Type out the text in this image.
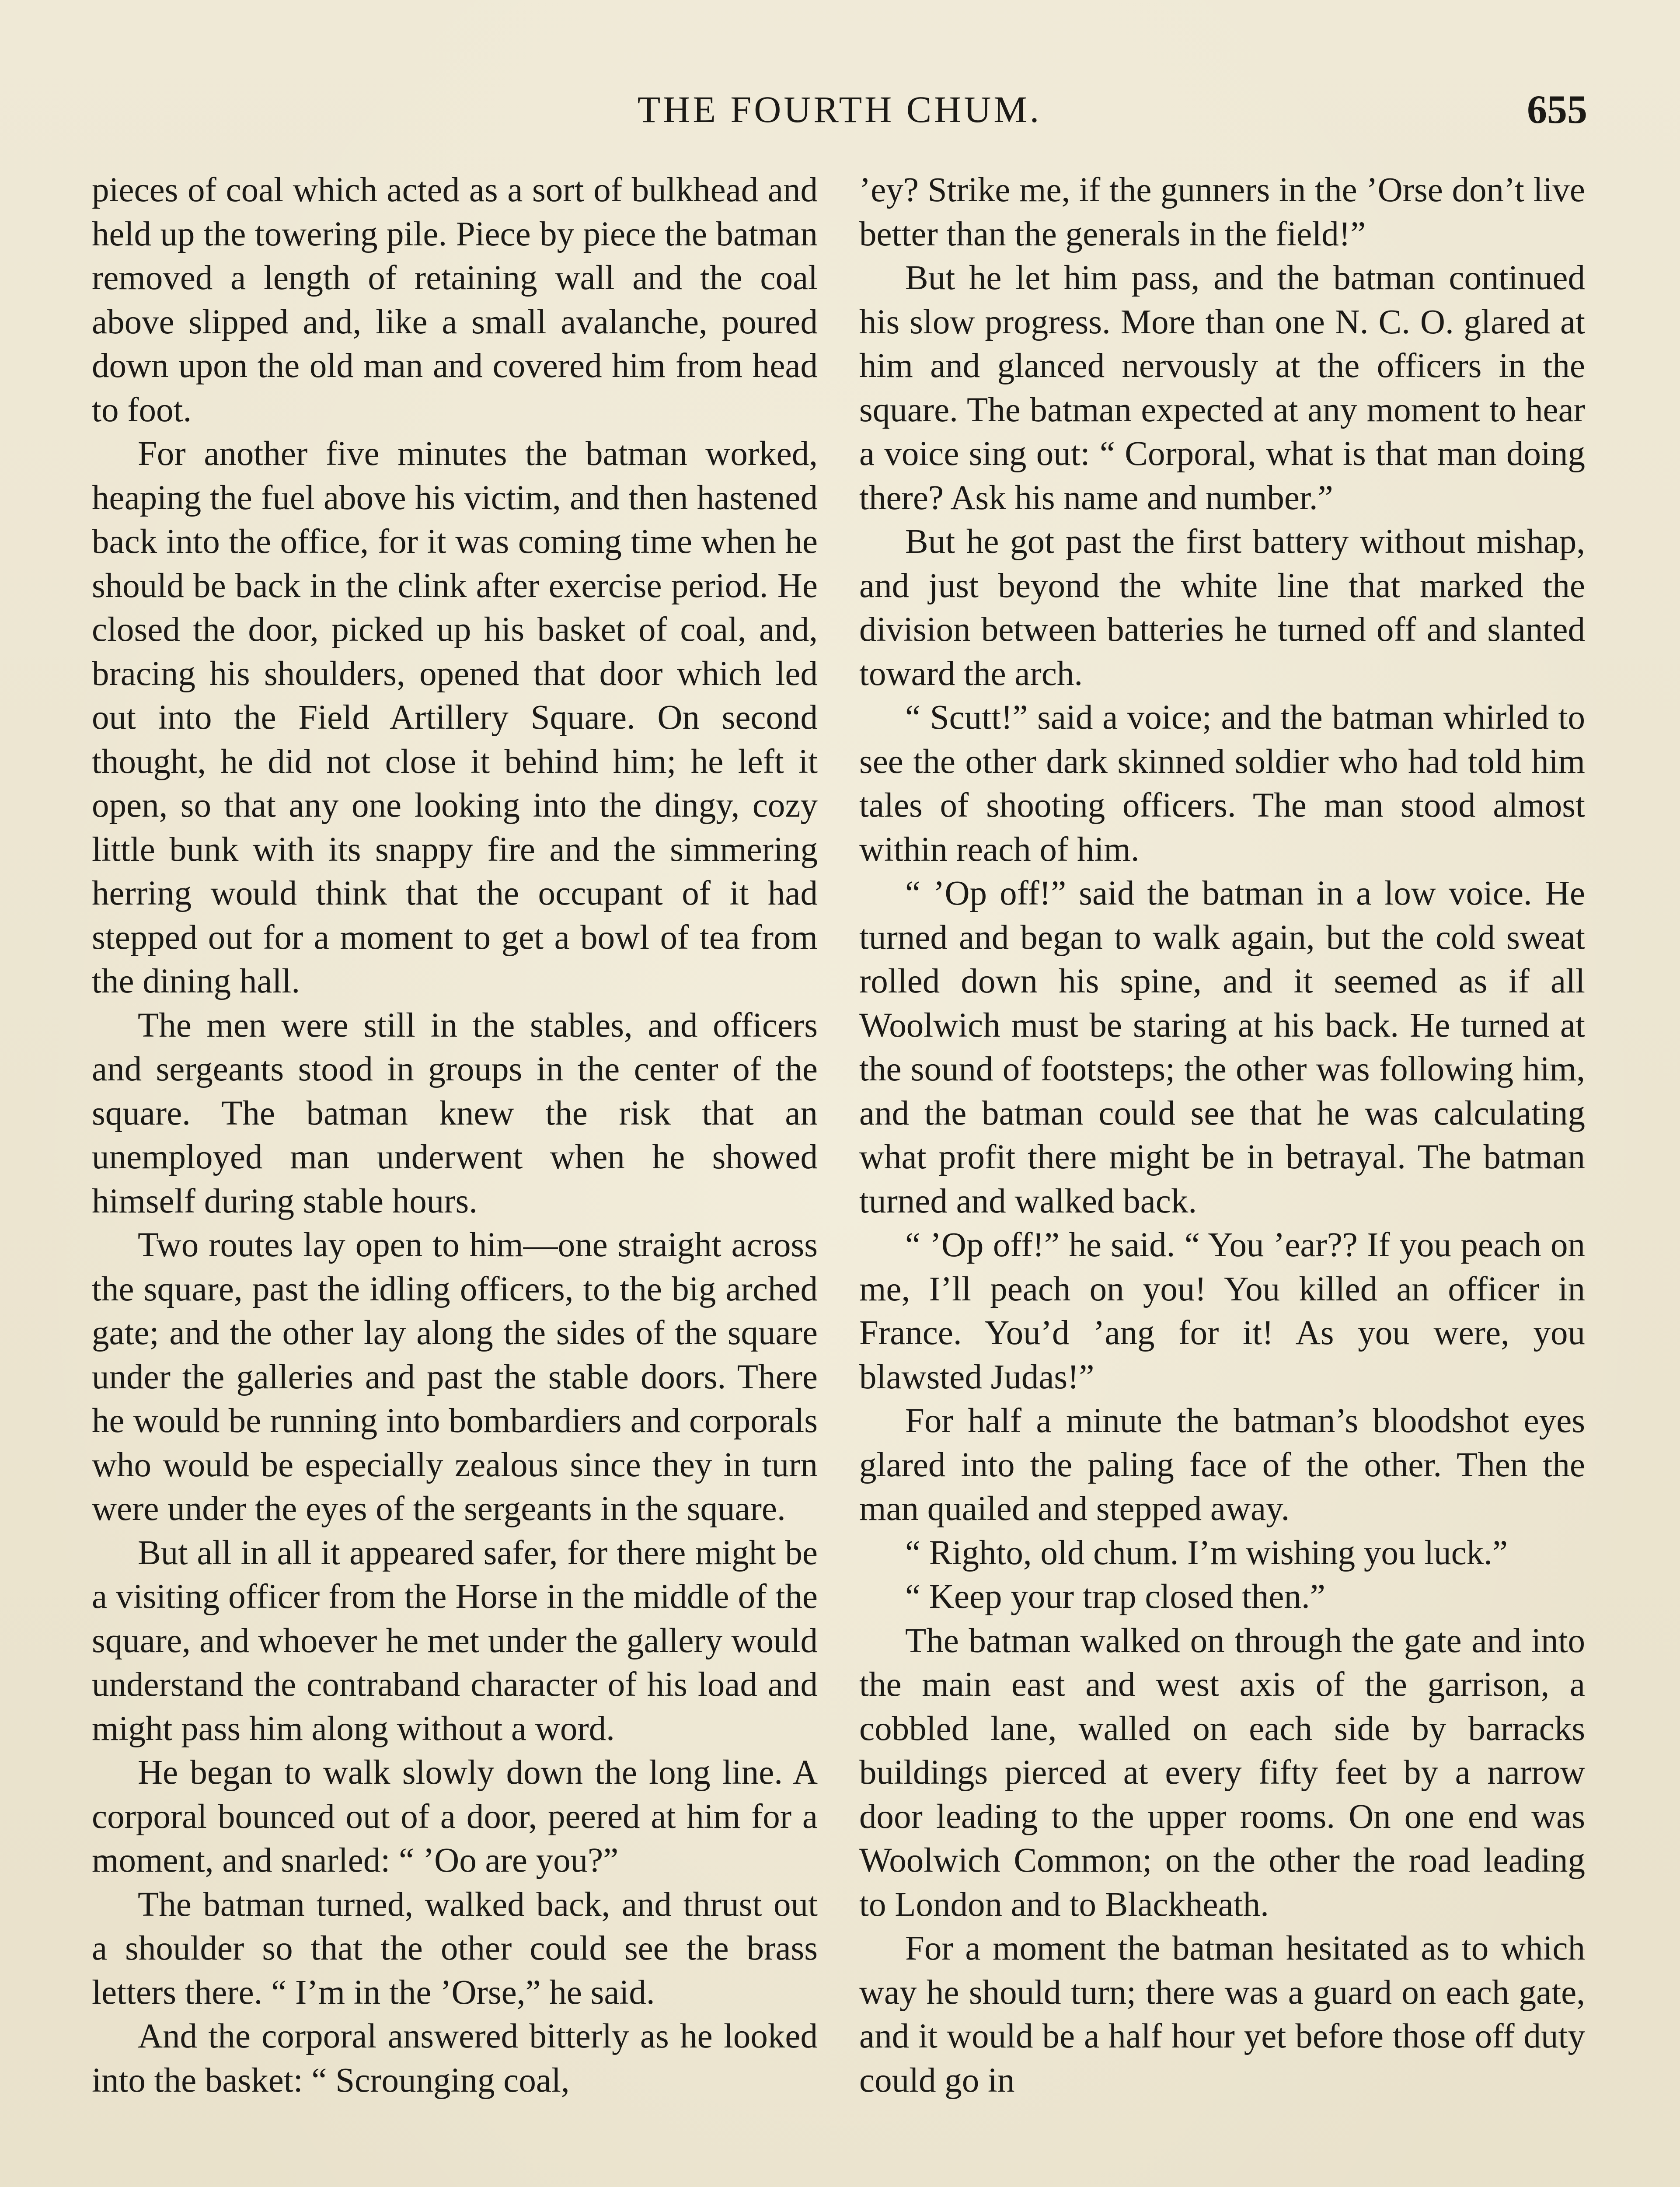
THE FOURTH CHUM.	655

pieces of coal which acted as a sort of bulkhead and held up the towering pile. Piece by piece the batman removed a length of retaining wall and the coal above slipped and, like a small avalanche, poured down upon the old man and covered him from head to foot.

For another five minutes the batman worked, heaping the fuel above his victim, and then hastened back into the office, for it was coming time when he should be back in the clink after exercise period. He closed the door, picked up his basket of coal, and, bracing his shoulders, opened that door which led out into the Field Artillery Square. On second thought, he did not close it behind him; he left it open, so that any one looking into the dingy, cozy little bunk with its snappy fire and the simmering herring would think that the occupant of it had stepped out for a moment to get a bowl of tea from the dining hall.

The men were still in the stables, and officers and sergeants stood in groups in the center of the square. The batman knew the risk that an unemployed man underwent when he showed himself during stable hours.

Two routes lay open to him—one straight across the square, past the idling officers, to the big arched gate; and the other lay along the sides of the square under the galleries and past the stable doors. There he would be running into bombardiers and corporals who would be especially zealous since they in turn were under the eyes of the sergeants in the square.

But all in all it appeared safer, for there might be a visiting officer from the Horse in the middle of the square, and whoever he met under the gallery would understand the contraband character of his load and might pass him along without a word.

He began to walk slowly down the long line. A corporal bounced out of a door, peered at him for a moment, and snarled: “ ’Oo are you?”

The batman turned, walked back, and thrust out a shoulder so that the other could see the brass letters there. “ I’m in the ’Orse,” he said.

And the corporal answered bitterly as he looked into the basket: “ Scrounging coal,

’ey? Strike me, if the gunners in the ’Orse don’t live better than the generals in the field!”

But he let him pass, and the batman continued his slow progress. More than one N. C. O. glared at him and glanced nervously at the officers in the square. The batman expected at any moment to hear a voice sing out: “ Corporal, what is that man doing there? Ask his name and number.”

But he got past the first battery without mishap, and just beyond the white line that marked the division between batteries he turned off and slanted toward the arch.

“ Scutt!” said a voice; and the batman whirled to see the other dark skinned soldier who had told him tales of shooting officers. The man stood almost within reach of him.

“ ’Op off!” said the batman in a low voice. He turned and began to walk again, but the cold sweat rolled down his spine, and it seemed as if all Woolwich must be staring at his back. He turned at the sound of footsteps; the other was following him, and the batman could see that he was calculating what profit there might be in betrayal. The batman turned and walked back.

“ ’Op off!” he said. “ You ’ear?? If you peach on me, I’ll peach on you! You killed an officer in France. You’d ’ang for it! As you were, you blawsted Judas!”

For half a minute the batman’s bloodshot eyes glared into the paling face of the other. Then the man quailed and stepped away.

“ Righto, old chum. I’m wishing you luck.”

“ Keep your trap closed then.”

The batman walked on through the gate and into the main east and west axis of the garrison, a cobbled lane, walled on each side by barracks buildings pierced at every fifty feet by a narrow door leading to the upper rooms. On one end was Woolwich Common; on the other the road leading to London and to Blackheath.

For a moment the batman hesitated as to which way he should turn; there was a guard on each gate, and it would be a half hour yet before those off duty could go in
